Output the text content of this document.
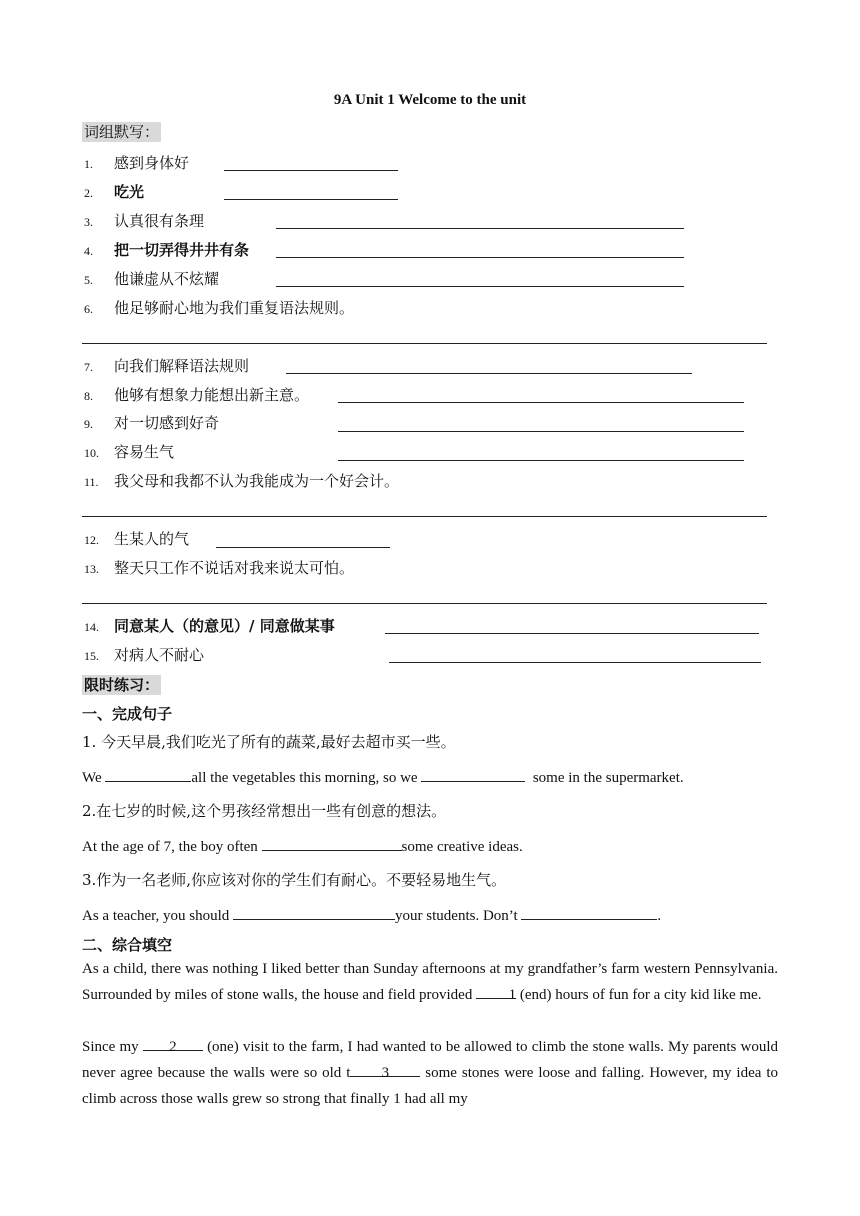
9A Unit 1 Welcome to the unit
词组默写：
1. 感到身体好
2. 吃光
3. 认真很有条理
4. 把一切弄得井井有条
5. 他谦虚从不炫耀
6. 他足够耐心地为我们重复语法规则。
7. 向我们解释语法规则
8. 他够有想象力能想出新主意。
9. 对一切感到好奇
10. 容易生气
11. 我父母和我都不认为我能成为一个好会计。
12. 生某人的气
13. 整天只工作不说话对我来说太可怕。
14. 同意某人（的意见）/ 同意做某事
15. 对病人不耐心
限时练习：
一、完成句子
1. 今天早晨,我们吃光了所有的蔬菜,最好去超市买一些。
We	all the vegetables this morning, so we	some in the supermarket.
2.在七岁的时候,这个男孩经常想出一些有创意的想法。
At the age of 7, the boy often	some creative ideas.
3.作为一名老师,你应该对你的学生们有耐心。不要轻易地生气。
As a teacher, you should	your students. Don’t	.
二、综合填空
As a child, there was nothing I liked better than Sunday afternoons at my grandfather’s farm western Pennsylvania. Surrounded by miles of stone walls, the house and field provided 1 (end) hours of fun for a city kid like me.
Since my 2 (one) visit to the farm, I had wanted to be allowed to climb the stone walls. My parents would never agree because the walls were so old t 3 some stones were loose and falling. However, my idea to climb across those walls grew so strong that finally 1 had all my
